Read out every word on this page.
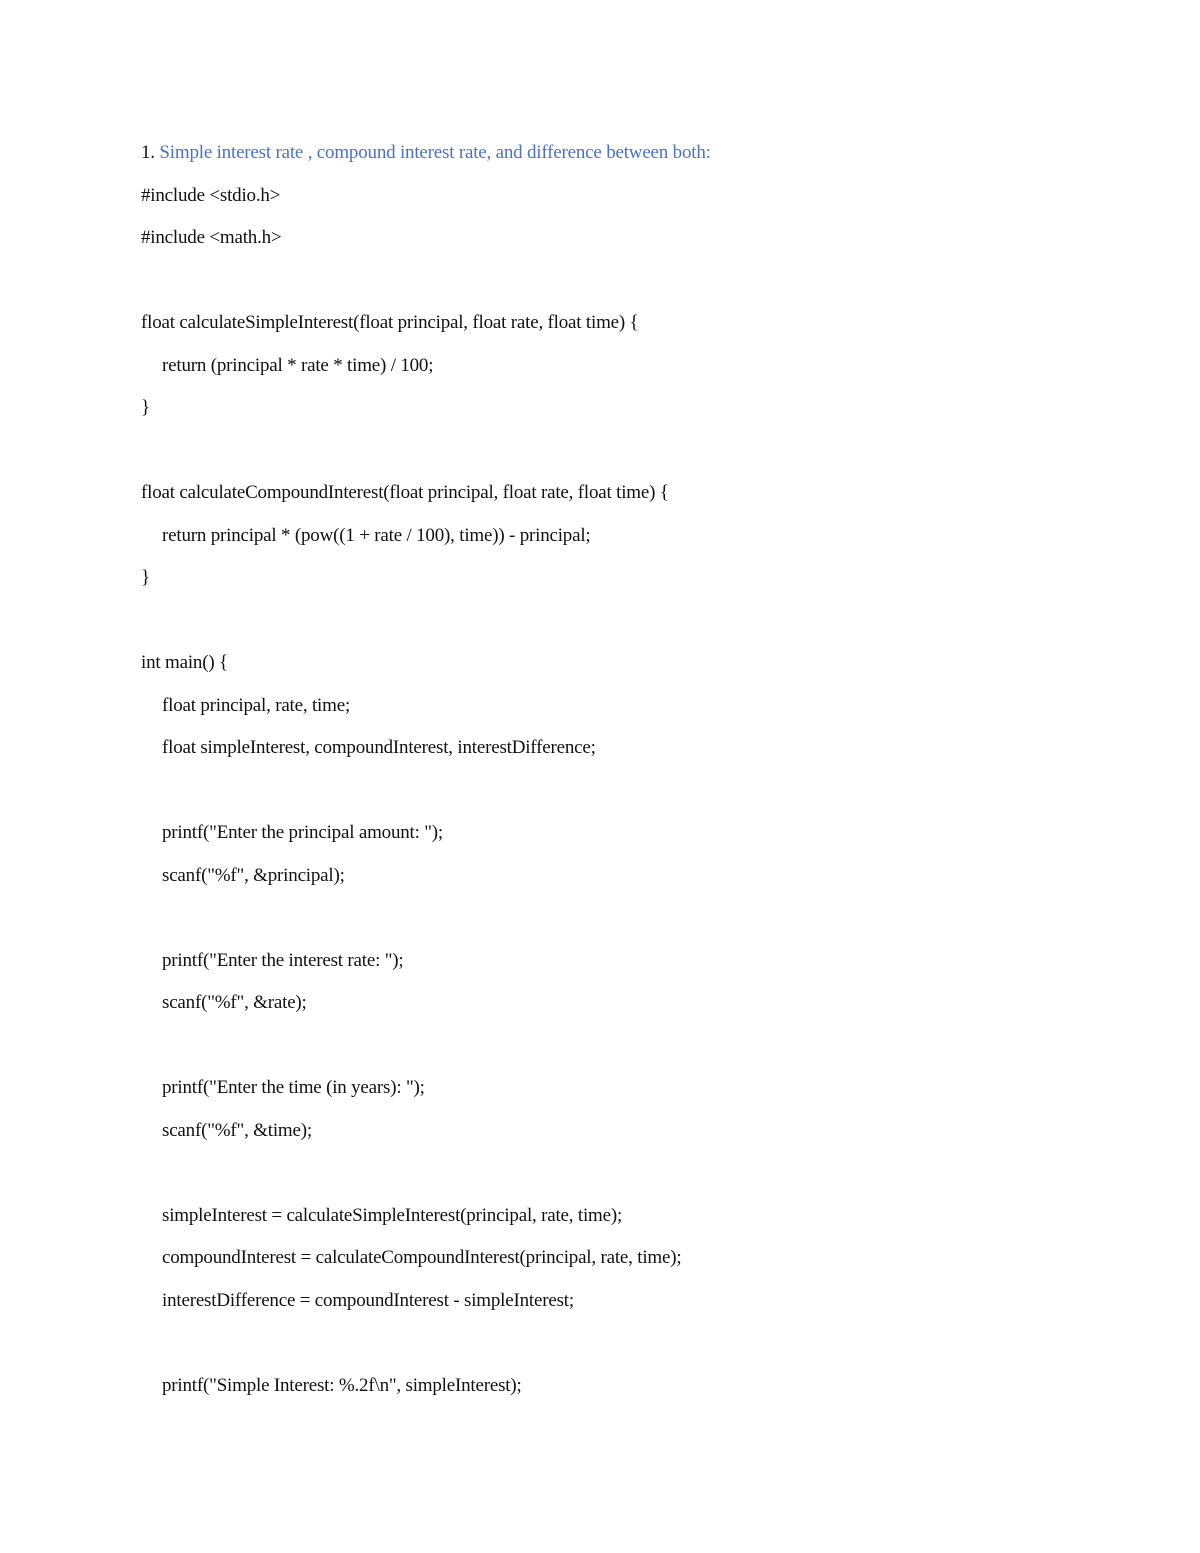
1. Simple interest rate , compound interest rate, and difference between both:
#include <stdio.h>
#include <math.h>
float calculateSimpleInterest(float principal, float rate, float time) {
return (principal * rate * time) / 100;
}
float calculateCompoundInterest(float principal, float rate, float time) {
return principal * (pow((1 + rate / 100), time)) - principal;
}
int main() {
float principal, rate, time;
float simpleInterest, compoundInterest, interestDifference;
printf("Enter the principal amount: ");
scanf("%f", &principal);
printf("Enter the interest rate: ");
scanf("%f", &rate);
printf("Enter the time (in years): ");
scanf("%f", &time);
simpleInterest = calculateSimpleInterest(principal, rate, time);
compoundInterest = calculateCompoundInterest(principal, rate, time);
interestDifference = compoundInterest - simpleInterest;
printf("Simple Interest: %.2f\n", simpleInterest);
